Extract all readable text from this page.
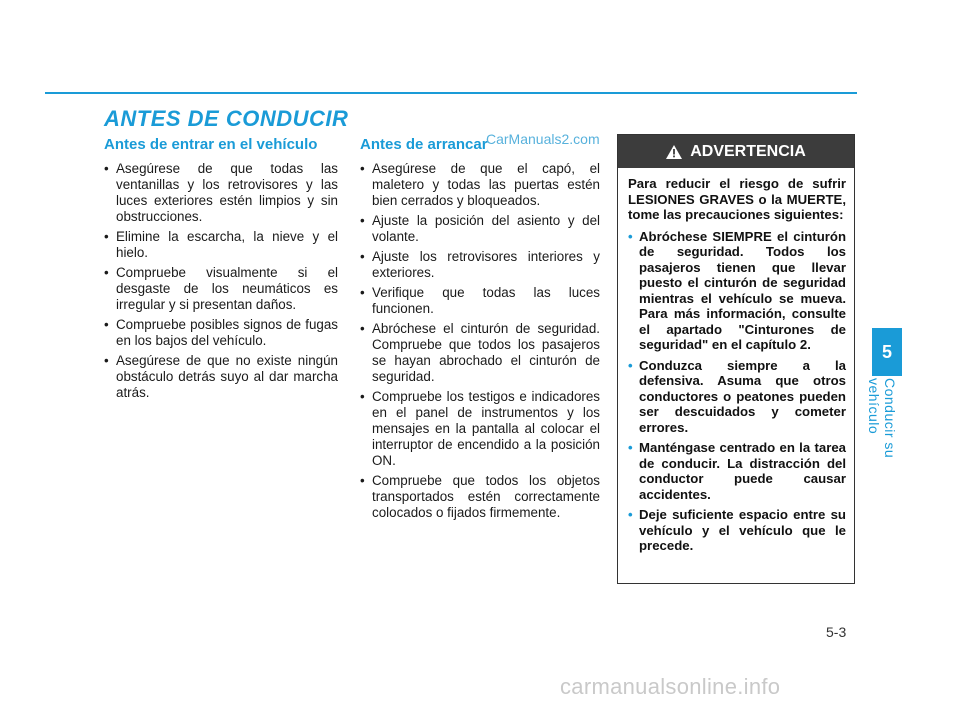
ANTES DE CONDUCIR
Antes de entrar en el vehículo
• Asegúrese de que todas las ventanillas y los retrovisores y las luces exteriores estén limpios y sin obstrucciones.
• Elimine la escarcha, la nieve y el hielo.
• Compruebe visualmente si el desgaste de los neumáticos es irregular y si presentan daños.
• Compruebe posibles signos de fugas en los bajos del vehículo.
• Asegúrese de que no existe ningún obstáculo detrás suyo al dar marcha atrás.
Antes de arrancar
• Asegúrese de que el capó, el maletero y todas las puertas estén bien cerrados y bloqueados.
• Ajuste la posición del asiento y del volante.
• Ajuste los retrovisores interiores y exteriores.
• Verifique que todas las luces funcionen.
• Abróchese el cinturón de seguridad. Compruebe que todos los pasajeros se hayan abrochado el cinturón de seguridad.
• Compruebe los testigos e indicadores en el panel de instrumentos y los mensajes en la pantalla al colocar el interruptor de encendido a la posición ON.
• Compruebe que todos los objetos transportados estén correctamente colocados o fijados firmemente.
CarManuals2.com
ADVERTENCIA

Para reducir el riesgo de sufrir LESIONES GRAVES o la MUERTE, tome las precauciones siguientes:

• Abróchese SIEMPRE el cinturón de seguridad. Todos los pasajeros tienen que llevar puesto el cinturón de seguridad mientras el vehículo se mueva. Para más información, consulte el apartado "Cinturones de seguridad" en el capítulo 2.
• Conduzca siempre a la defensiva. Asuma que otros conductores o peatones pueden ser descuidados y cometer errores.
• Manténgase centrado en la tarea de conducir. La distracción del conductor puede causar accidentes.
• Deje suficiente espacio entre su vehículo y el vehículo que le precede.
5
Conducir su vehículo
5-3
carmanualsonline.info
